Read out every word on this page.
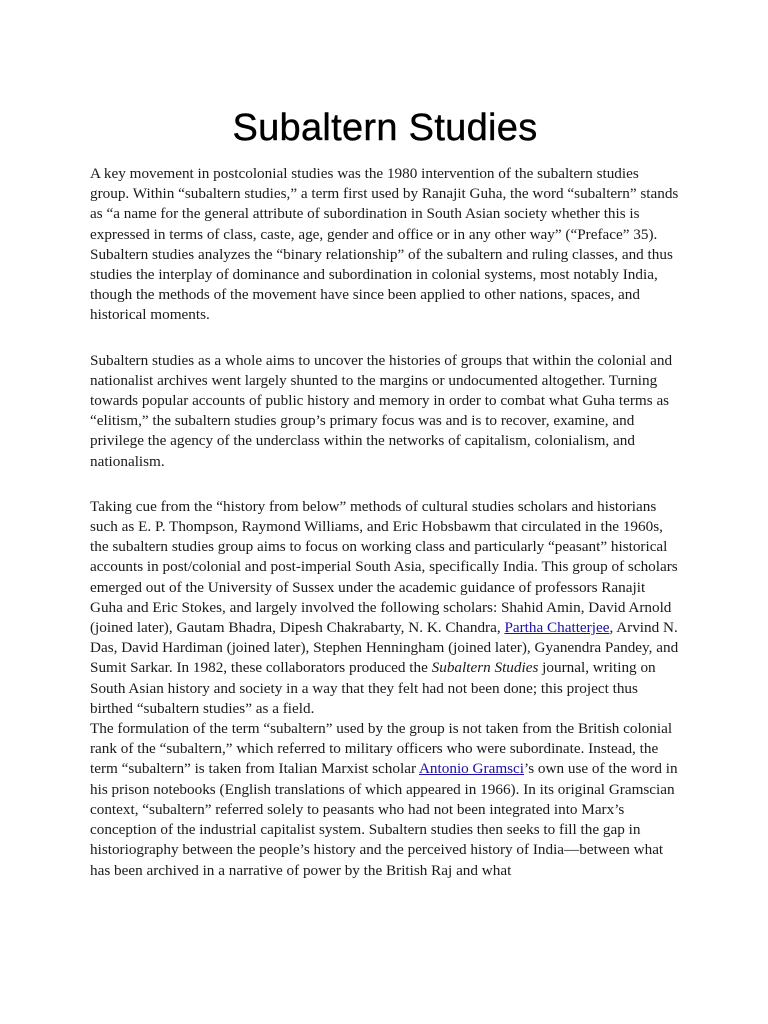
Subaltern Studies

A key movement in postcolonial studies was the 1980 intervention of the subaltern studies group. Within “subaltern studies,” a term first used by Ranajit Guha, the word “subaltern” stands as “a name for the general attribute of subordination in South Asian society whether this is expressed in terms of class, caste, age, gender and office or in any other way” (“Preface” 35). Subaltern studies analyzes the “binary relationship” of the subaltern and ruling classes, and thus studies the interplay of dominance and subordination in colonial systems, most notably India, though the methods of the movement have since been applied to other nations, spaces, and historical moments.

Subaltern studies as a whole aims to uncover the histories of groups that within the colonial and nationalist archives went largely shunted to the margins or undocumented altogether. Turning towards popular accounts of public history and memory in order to combat what Guha terms as “elitism,” the subaltern studies group’s primary focus was and is to recover, examine, and privilege the agency of the underclass within the networks of capitalism, colonialism, and nationalism.

Taking cue from the “history from below” methods of cultural studies scholars and historians such as E. P. Thompson, Raymond Williams, and Eric Hobsbawm that circulated in the 1960s, the subaltern studies group aims to focus on working class and particularly “peasant” historical accounts in post/colonial and post-imperial South Asia, specifically India. This group of scholars emerged out of the University of Sussex under the academic guidance of professors Ranajit Guha and Eric Stokes, and largely involved the following scholars: Shahid Amin, David Arnold (joined later), Gautam Bhadra, Dipesh Chakrabarty, N. K. Chandra, Partha Chatterjee, Arvind N. Das, David Hardiman (joined later), Stephen Henningham (joined later), Gyanendra Pandey, and Sumit Sarkar. In 1982, these collaborators produced the Subaltern Studies journal, writing on South Asian history and society in a way that they felt had not been done; this project thus birthed “subaltern studies” as a field.
The formulation of the term “subaltern” used by the group is not taken from the British colonial rank of the “subaltern,” which referred to military officers who were subordinate. Instead, the term “subaltern” is taken from Italian Marxist scholar Antonio Gramsci’s own use of the word in his prison notebooks (English translations of which appeared in 1966). In its original Gramscian context, “subaltern” referred solely to peasants who had not been integrated into Marx’s conception of the industrial capitalist system. Subaltern studies then seeks to fill the gap in historiography between the people’s history and the perceived history of India—between what has been archived in a narrative of power by the British Raj and what
